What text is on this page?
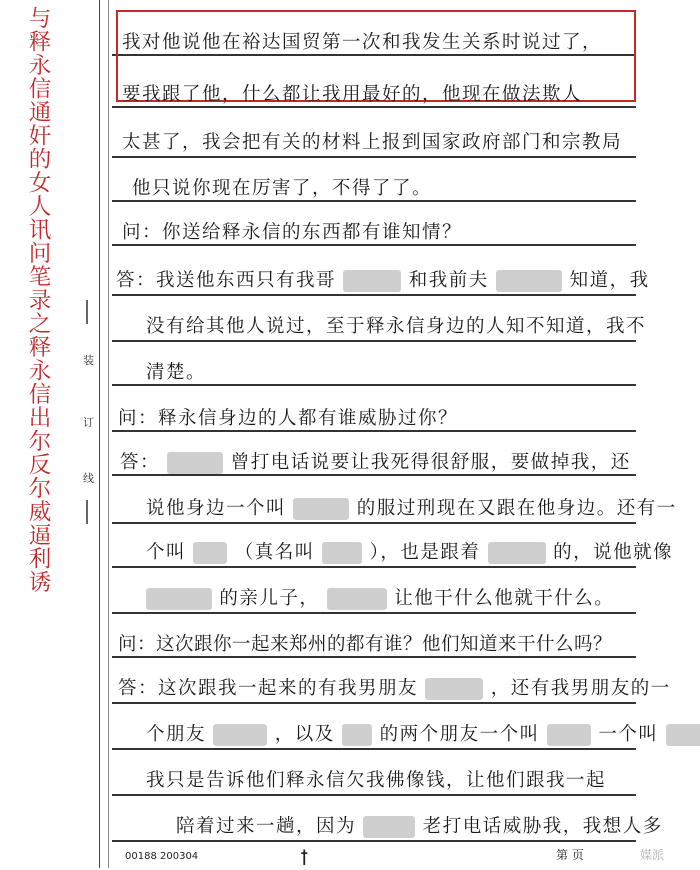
与释永信通奸的女人讯问笔录之释永信出尔反尔威逼利诱	装
订
线
我对他说他在裕达国贸第一次和我发生关系时说过了，
要我跟了他，什么都让我用最好的，他现在做法欺人
太甚了，我会把有关的材料上报到国家政府部门和宗教局
他只说你现在厉害了，不得了了。
问：你送给释永信的东西都有谁知情？
答：我送他东西只有我哥	和我前夫	知道，我
没有给其他人说过，至于释永信身边的人知不知道，我不
清楚。
问：释永信身边的人都有谁威胁过你？
答：	曾打电话说要让我死得很舒服，要做掉我，还
说他身边一个叫	的服过刑现在又跟在他身边。还有一
个叫	（真名叫	），也是跟着	的，说他就像
的亲儿子，	让他干什么他就干什么。
问：这次跟你一起来郑州的都有谁？他们知道来干什么吗？
答：这次跟我一起来的有我男朋友	，还有我男朋友的一
个朋友	，以及 的两个朋友一个叫	一个叫
我只是告诉他们释永信欠我佛像钱，让他们跟我一起
陪着过来一趟，因为	老打电话威胁我，我想人多
00188 200304	ꝉ	第 页	媒派
